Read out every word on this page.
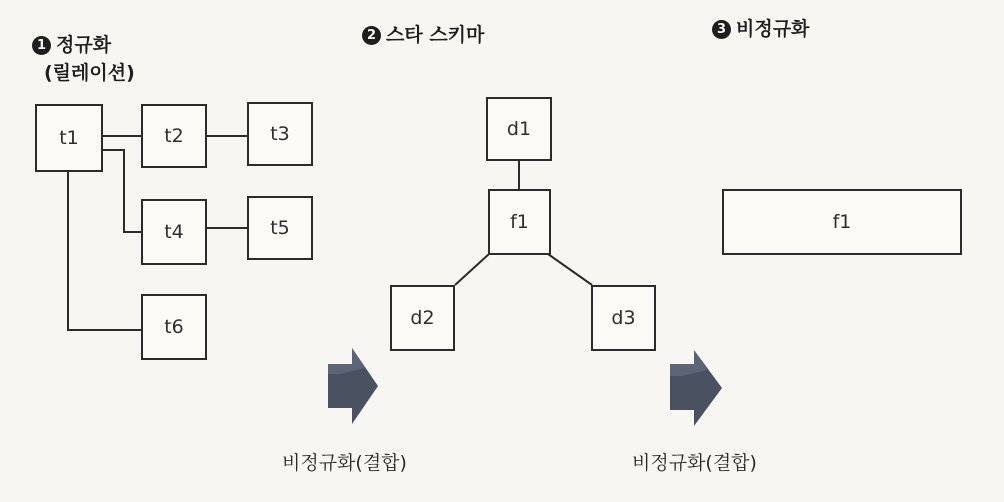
1 정규화
(릴레이션)
2 스타 스키마	3 비정규화
t1	t2	t3
t4	t5
t6
d1
f1
d2	d3
f1
비정규화(결합)	비정규화(결합)
